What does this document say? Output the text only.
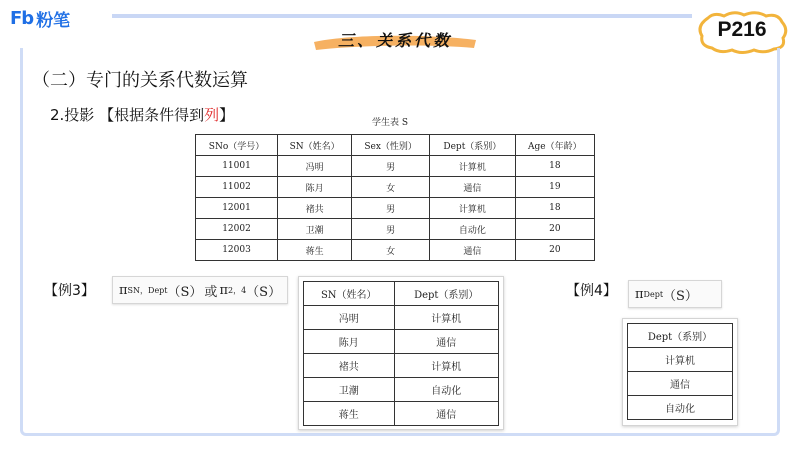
Fb 粉笔
三、关系代数	P216
（二）专门的关系代数运算
2.投影 【根据条件得到列】	学生表 S
SNo（学号）	SN（姓名）	Sex（性别）	Dept（系别）	Age（年龄）
11001	冯明	男	计算机	18
11002	陈月	女	通信	19
12001	褚共	男	计算机	18
12002	卫潮	男	自动化	20
12003	蒋生	女	通信	20
【例3】 π SN，Dept （S） 或 π 2，4 （S）	SN（姓名）	Dept（系别）
冯明	计算机
陈月	通信
褚共	计算机
卫潮	自动化
蒋生	通信
【例4】 π Dept （S）
Dept（系别）
计算机
通信
自动化
